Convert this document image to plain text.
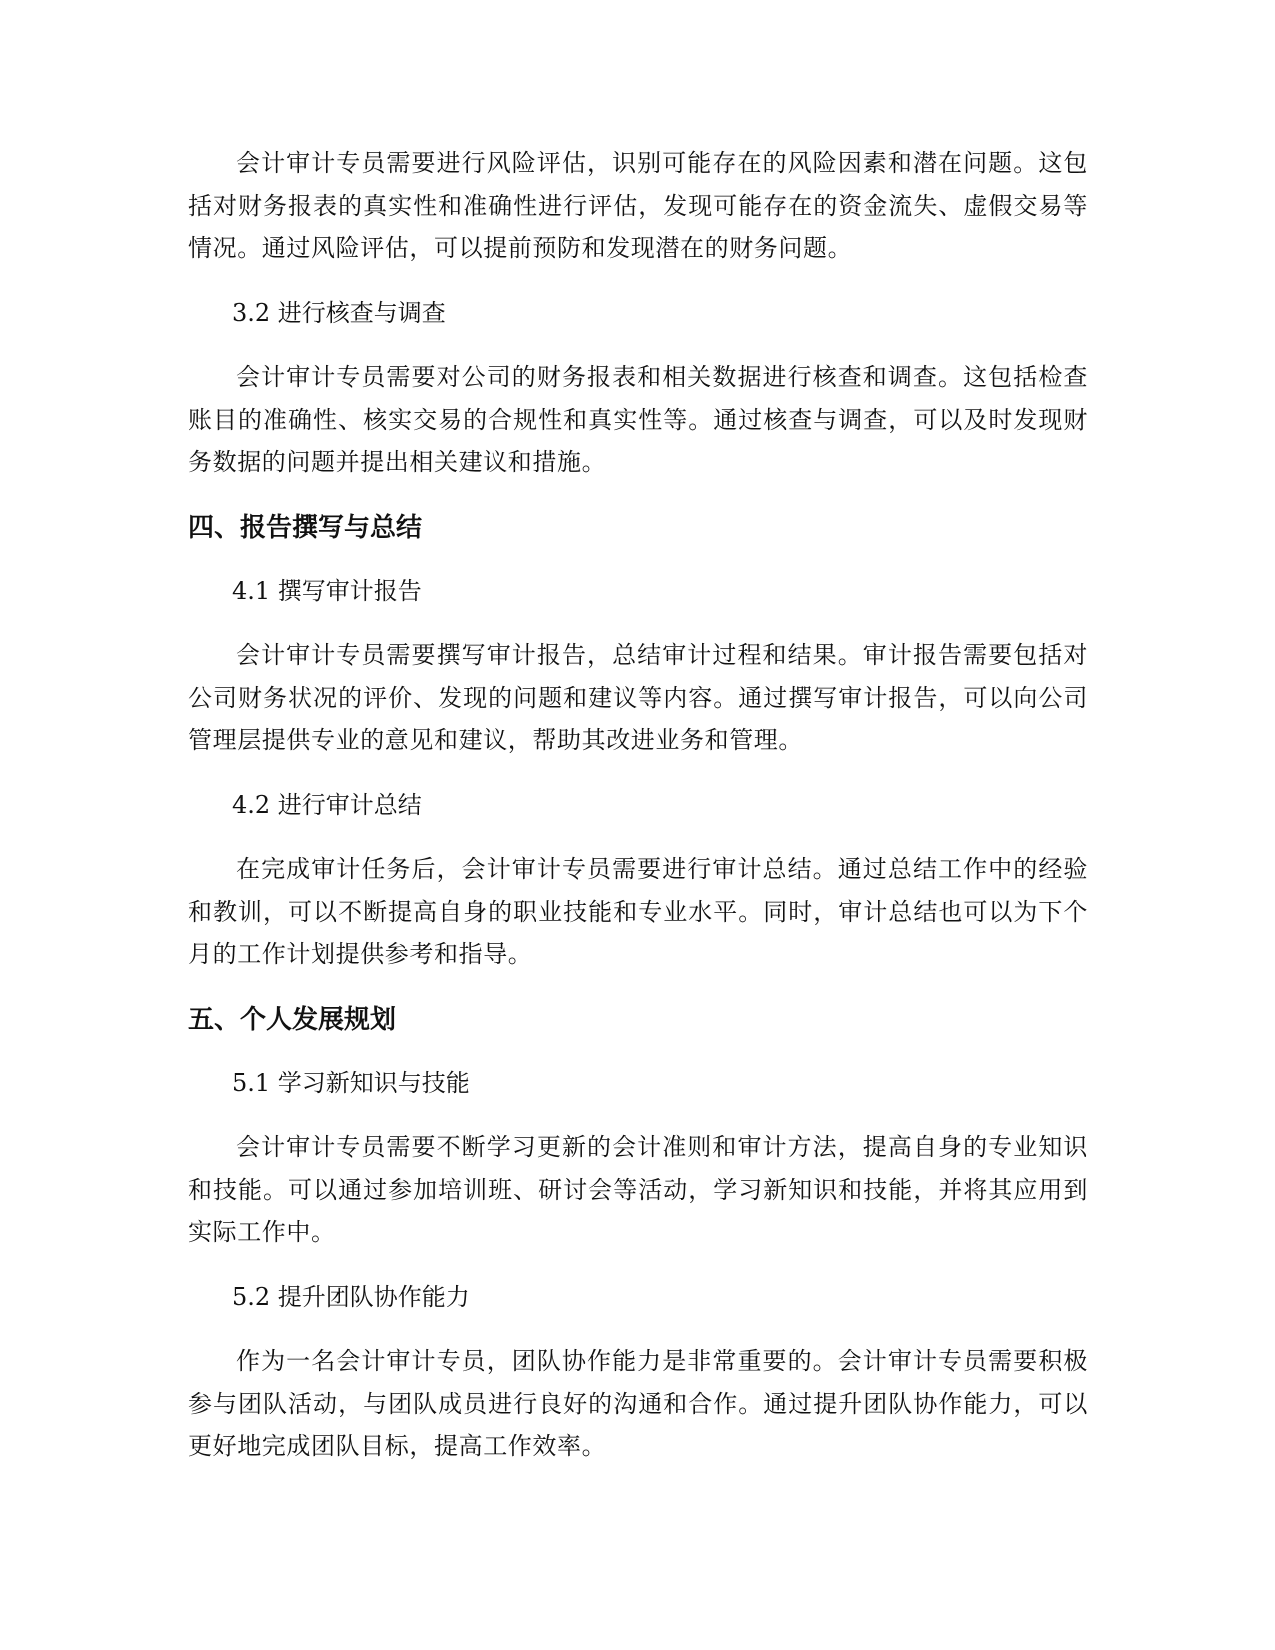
会计审计专员需要进行风险评估，识别可能存在的风险因素和潜在问题。这包括对财务报表的真实性和准确性进行评估，发现可能存在的资金流失、虚假交易等情况。通过风险评估，可以提前预防和发现潜在的财务问题。

3.2 进行核查与调查

会计审计专员需要对公司的财务报表和相关数据进行核查和调查。这包括检查账目的准确性、核实交易的合规性和真实性等。通过核查与调查，可以及时发现财务数据的问题并提出相关建议和措施。

四、报告撰写与总结

4.1 撰写审计报告

会计审计专员需要撰写审计报告，总结审计过程和结果。审计报告需要包括对公司财务状况的评价、发现的问题和建议等内容。通过撰写审计报告，可以向公司管理层提供专业的意见和建议，帮助其改进业务和管理。

4.2 进行审计总结

在完成审计任务后，会计审计专员需要进行审计总结。通过总结工作中的经验和教训，可以不断提高自身的职业技能和专业水平。同时，审计总结也可以为下个月的工作计划提供参考和指导。

五、个人发展规划

5.1 学习新知识与技能

会计审计专员需要不断学习更新的会计准则和审计方法，提高自身的专业知识和技能。可以通过参加培训班、研讨会等活动，学习新知识和技能，并将其应用到实际工作中。

5.2 提升团队协作能力

作为一名会计审计专员，团队协作能力是非常重要的。会计审计专员需要积极参与团队活动，与团队成员进行良好的沟通和合作。通过提升团队协作能力，可以更好地完成团队目标，提高工作效率。
